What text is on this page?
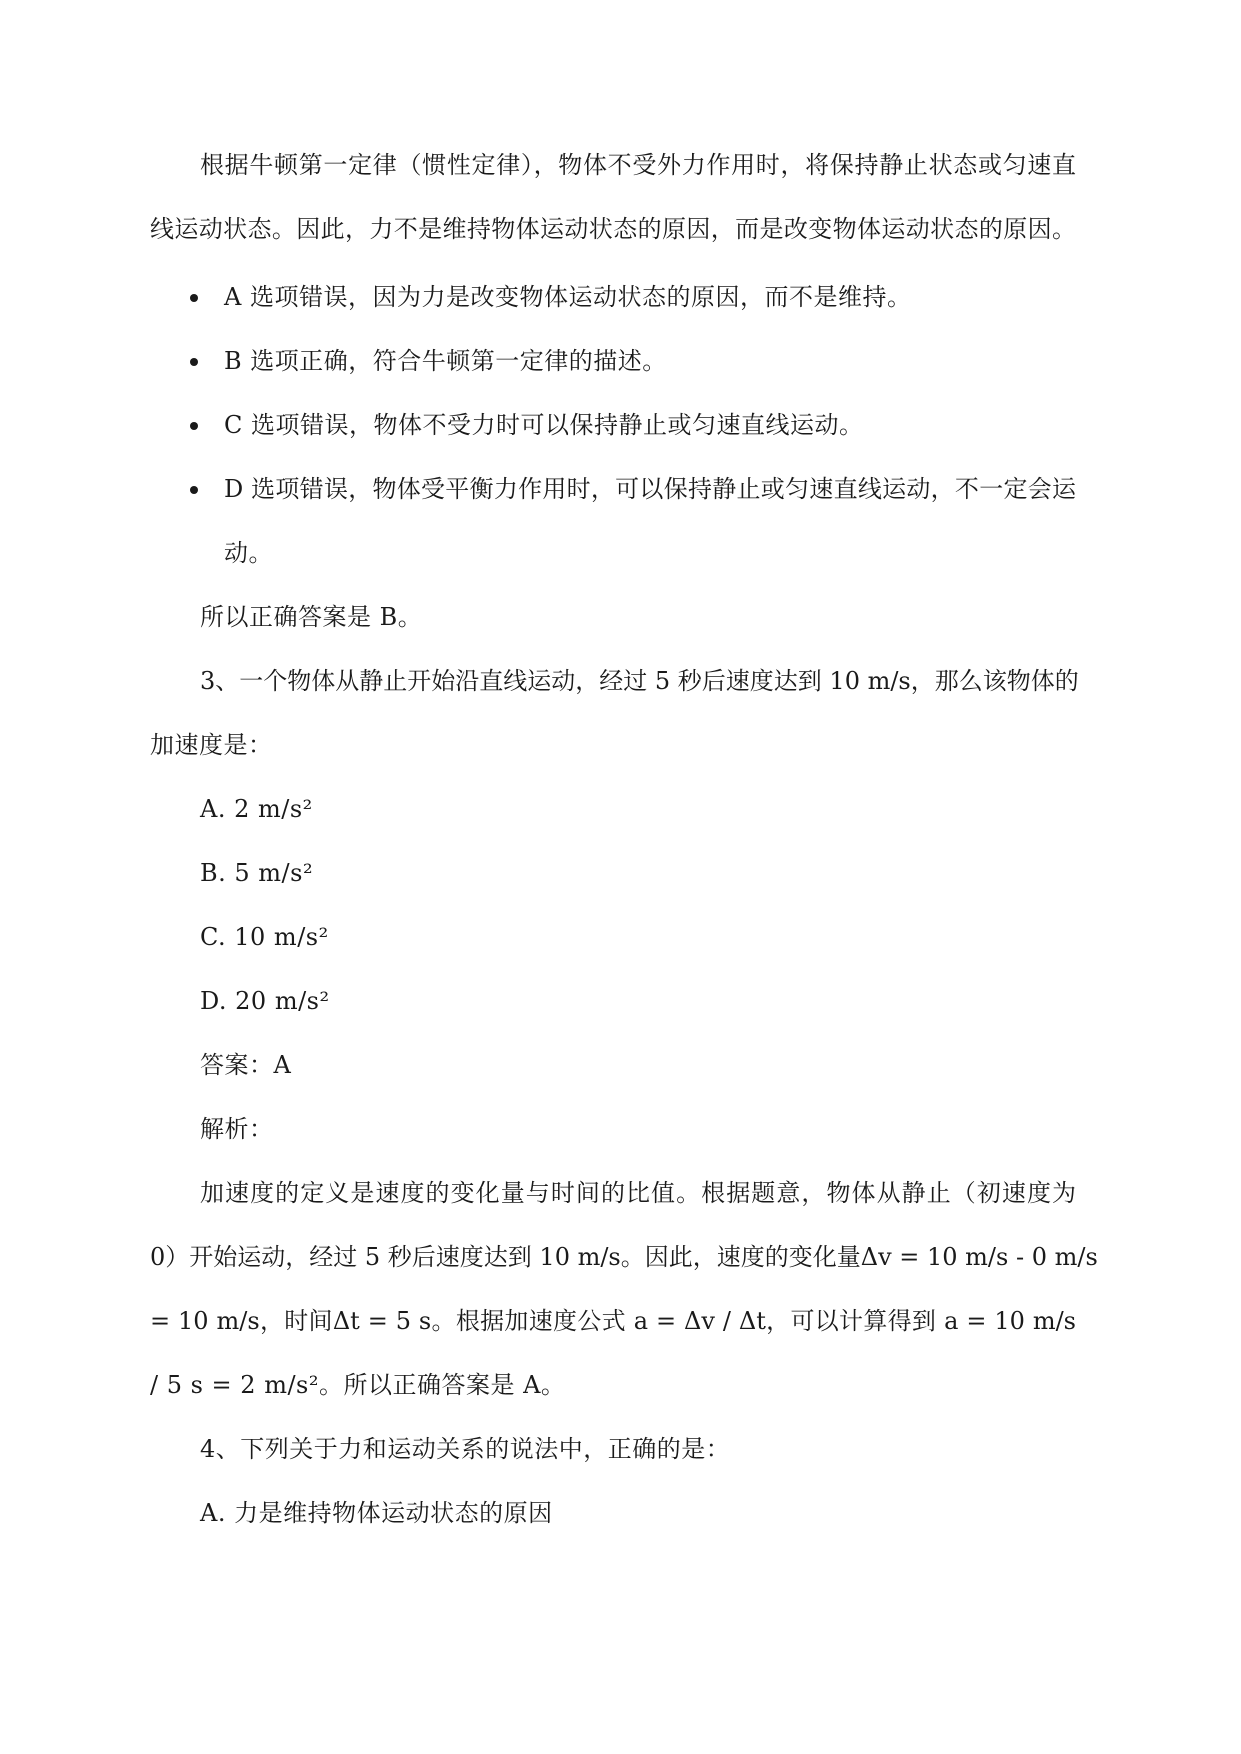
根据牛顿第一定律（惯性定律），物体不受外力作用时，将保持静止状态或匀速直
线运动状态。因此，力不是维持物体运动状态的原因，而是改变物体运动状态的原因。
A 选项错误，因为力是改变物体运动状态的原因，而不是维持。
B 选项正确，符合牛顿第一定律的描述。
C 选项错误，物体不受力时可以保持静止或匀速直线运动。
D 选项错误，物体受平衡力作用时，可以保持静止或匀速直线运动，不一定会运
动。
所以正确答案是 B。
3、一个物体从静止开始沿直线运动，经过 5 秒后速度达到 10 m/s，那么该物体的
加速度是：
A. 2 m/s²
B. 5 m/s²
C. 10 m/s²
D. 20 m/s²
答案：A
解析：
加速度的定义是速度的变化量与时间的比值。根据题意，物体从静止（初速度为
0）开始运动，经过 5 秒后速度达到 10 m/s。因此，速度的变化量Δv = 10 m/s - 0 m/s
= 10 m/s，时间Δt = 5 s。根据加速度公式 a = Δv / Δt，可以计算得到 a = 10 m/s
/ 5 s = 2 m/s²。所以正确答案是 A。
4、下列关于力和运动关系的说法中，正确的是：
A. 力是维持物体运动状态的原因
